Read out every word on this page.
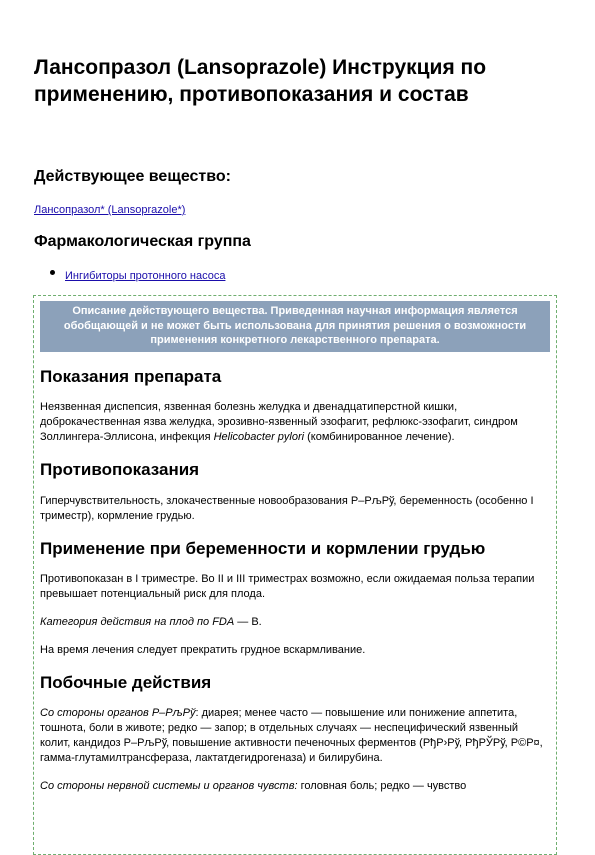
Лансопразол (Lansoprazole) Инструкция по применению, противопоказания и состав
Действующее вещество:
Лансопразол* (Lansoprazole*)
Фармакологическая группа
Ингибиторы протонного насоса
Описание действующего вещества. Приведенная научная информация является обобщающей и не может быть использована для принятия решения о возможности применения конкретного лекарственного препарата.
Показания препарата

Неязвенная диспепсия, язвенная болезнь желудка и двенадцатиперстной кишки, доброкачественная язва желудка, эрозивно-язвенный эзофагит, рефлюкс-эзофагит, синдром Золлингера-Эллисона, инфекция Helicobacter pylori (комбинированное лечение).

Противопоказания

Гиперчувствительность, злокачественные новообразования Р–РљРў, беременность (особенно I триместр), кормление грудью.

Применение при беременности и кормлении грудью

Противопоказан в I триместре. Во II и III триместрах возможно, если ожидаемая польза терапии превышает потенциальный риск для плода.

Категория действия на плод по FDA — B.

На время лечения следует прекратить грудное вскармливание.

Побочные действия

Со стороны органов Р–РљРў: диарея; менее часто — повышение или понижение аппетита, тошнота, боли в животе; редко — запор; в отдельных случаях — неспецифический язвенный колит, кандидоз Р–РљРў, повышение активности печеночных ферментов (РђР›Рў, РђРЎРў, Р©Р¤, гамма-глутамилтрансфераза, лактатдегидрогеназа) и билирубина.

Со стороны нервной системы и органов чувств: головная боль; редко — чувство
